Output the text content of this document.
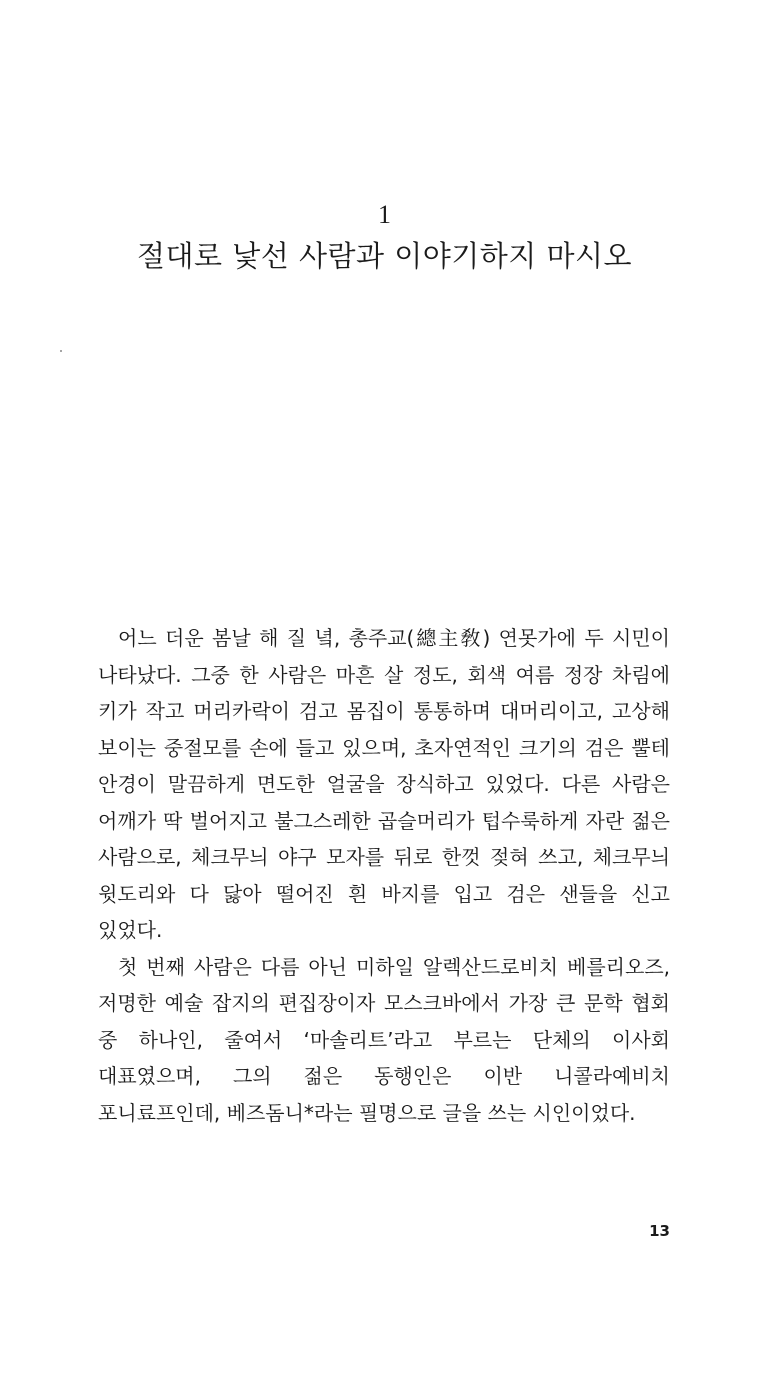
1
절대로 낯선 사람과 이야기하지 마시오

어느 더운 봄날 해 질 녘, 총주교(總主敎) 연못가에 두 시민이 나타났다. 그중 한 사람은 마흔 살 정도, 회색 여름 정장 차림에 키가 작고 머리카락이 검고 몸집이 통통하며 대머리이고, 고상해 보이는 중절모를 손에 들고 있으며, 초자연적인 크기의 검은 뿔테 안경이 말끔하게 면도한 얼굴을 장식하고 있었다. 다른 사람은 어깨가 딱 벌어지고 불그스레한 곱슬머리가 텁수룩하게 자란 젊은 사람으로, 체크무늬 야구 모자를 뒤로 한껏 젖혀 쓰고, 체크무늬 윗도리와 다 닳아 떨어진 흰 바지를 입고 검은 샌들을 신고 있었다.

첫 번째 사람은 다름 아닌 미하일 알렉산드로비치 베를리오즈, 저명한 예술 잡지의 편집장이자 모스크바에서 가장 큰 문학 협회 중 하나인, 줄여서 ‘마솔리트’라고 부르는 단체의 이사회 대표였으며, 그의 젊은 동행인은 이반 니콜라예비치 포니료프인데, 베즈돔니*라는 필명으로 글을 쓰는 시인이었다.

13
